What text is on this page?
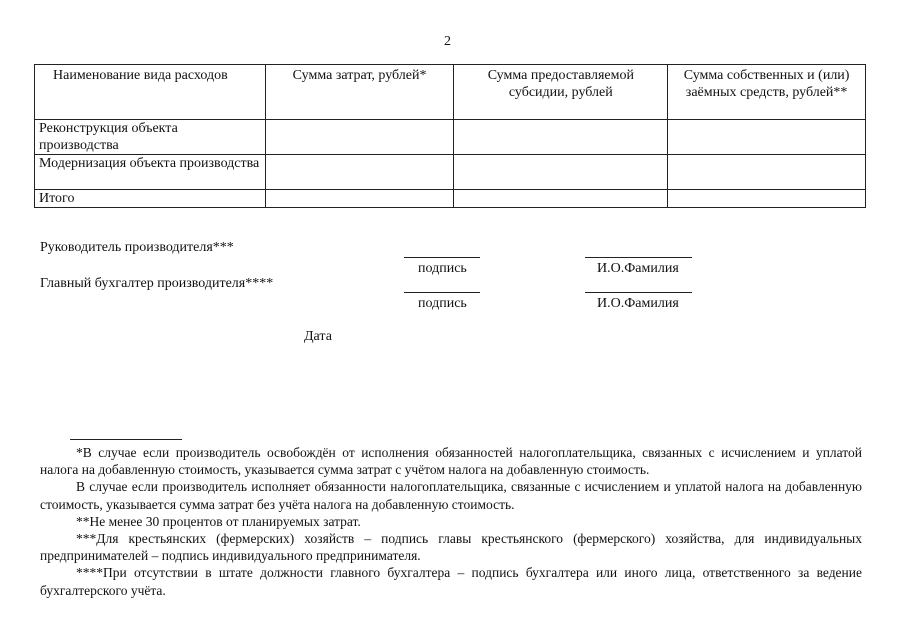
2
Наименование вида расходов	Сумма затрат, рублей*	Сумма предоставляемой субсидии, рублей	Сумма собственных и (или) заёмных средств, рублей**
Реконструкция объекта производства			
Модернизация объекта производства			
Итого			
Руководитель производителя***
подпись	И.О.Фамилия
Главный бухгалтер производителя****
подпись	И.О.Фамилия
Дата

*В случае если производитель освобождён от исполнения обязанностей налогоплательщика, связанных с исчислением и уплатой налога на добавленную стоимость, указывается сумма затрат с учётом налога на добавленную стоимость.

В случае если производитель исполняет обязанности налогоплательщика, связанные с исчислением и уплатой налога на добавленную стоимость, указывается сумма затрат без учёта налога на добавленную стоимость.

**Не менее 30 процентов от планируемых затрат.

***Для крестьянских (фермерских) хозяйств – подпись главы крестьянского (фермерского) хозяйства, для индивидуальных предпринимателей – подпись индивидуального предпринимателя.

****При отсутствии в штате должности главного бухгалтера – подпись бухгалтера или иного лица, ответственного за ведение бухгалтерского учёта.
